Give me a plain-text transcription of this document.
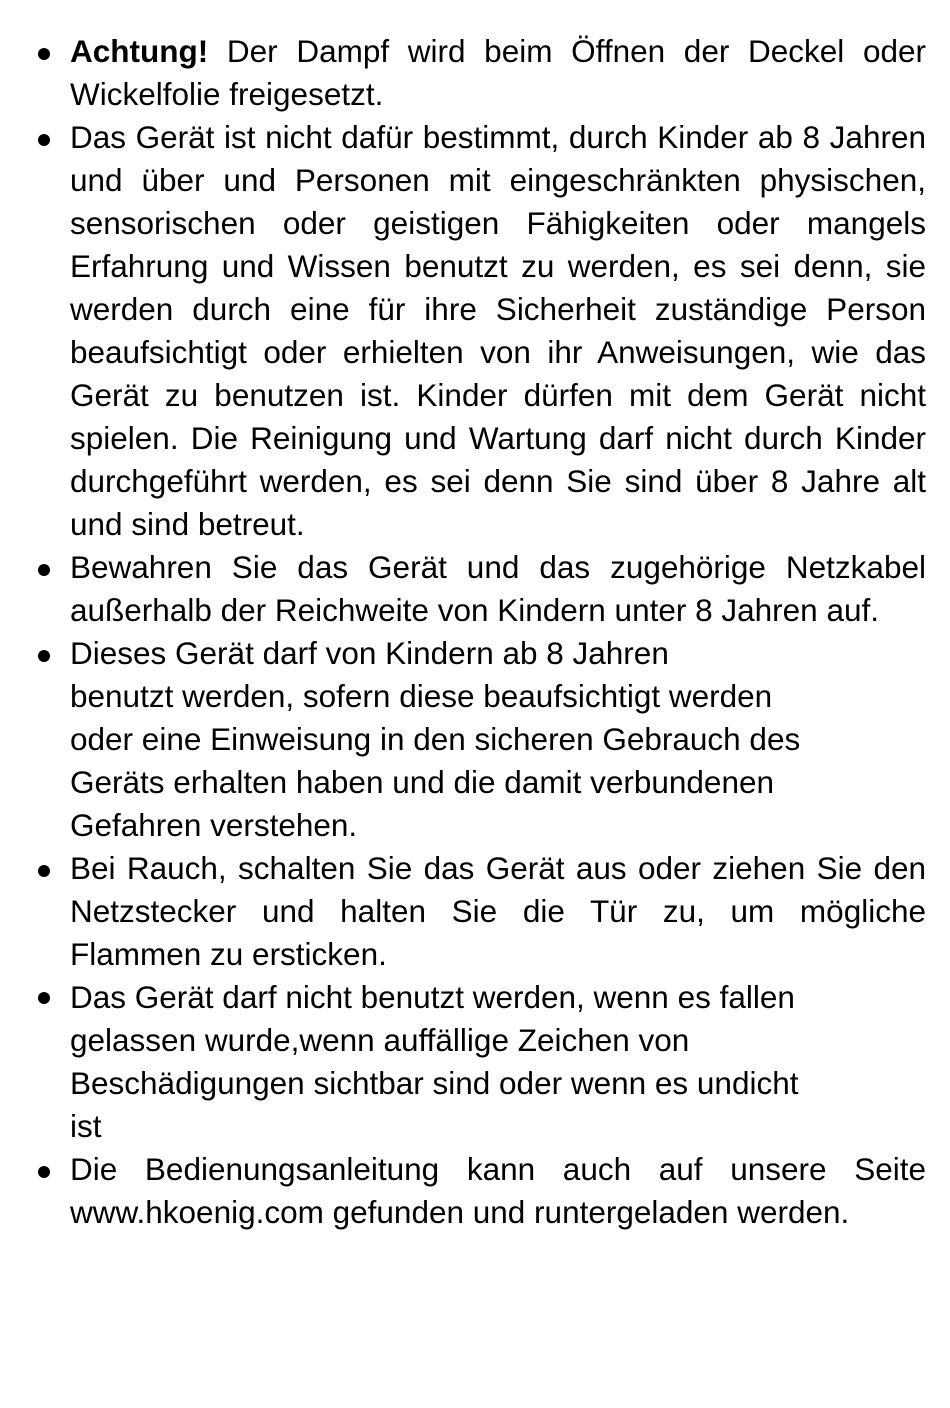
Achtung! Der Dampf wird beim Öffnen der Deckel oder Wickelfolie freigesetzt.
Das Gerät ist nicht dafür bestimmt, durch Kinder ab 8 Jahren und über und Personen mit eingeschränkten physischen, sensorischen oder geistigen Fähigkeiten oder mangels Erfahrung und Wissen benutzt zu werden, es sei denn, sie werden durch eine für ihre Sicherheit zuständige Person beaufsichtigt oder erhielten von ihr Anweisungen, wie das Gerät zu benutzen ist. Kinder dürfen mit dem Gerät nicht spielen. Die Reinigung und Wartung darf nicht durch Kinder durchgeführt werden, es sei denn Sie sind über 8 Jahre alt und sind betreut.
Bewahren Sie das Gerät und das zugehörige Netzkabel außerhalb der Reichweite von Kindern unter 8 Jahren auf.
Dieses Gerät darf von Kindern ab 8 Jahren
benutzt werden, sofern diese beaufsichtigt werden
oder eine Einweisung in den sicheren Gebrauch des
Geräts erhalten haben und die damit verbundenen
Gefahren verstehen.
Bei Rauch, schalten Sie das Gerät aus oder ziehen Sie den Netzstecker und halten Sie die Tür zu, um mögliche Flammen zu ersticken.
Das Gerät darf nicht benutzt werden, wenn es fallen
gelassen wurde,wenn auffällige Zeichen von
Beschädigungen sichtbar sind oder wenn es undicht
ist
Die Bedienungsanleitung kann auch auf unsere Seite www.hkoenig.com gefunden und runtergeladen werden.
